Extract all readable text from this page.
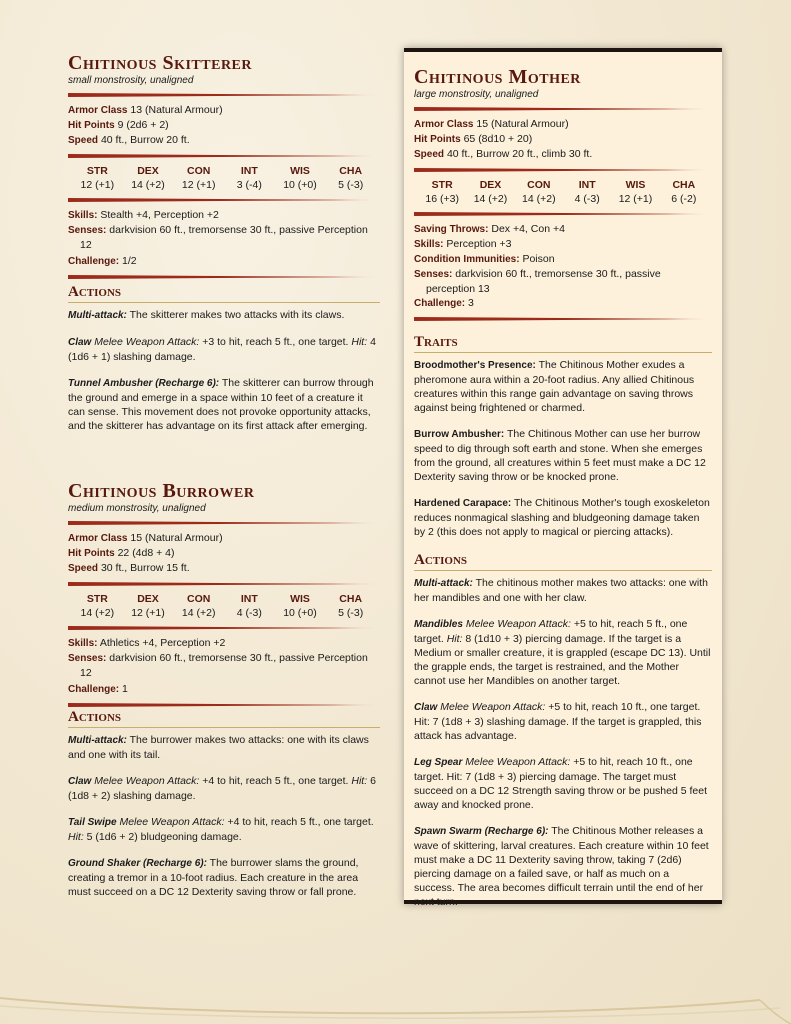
Chitinous Skitterer
small monstrosity, unaligned
Armor Class 13 (Natural Armour)
Hit Points 9 (2d6 + 2)
Speed 40 ft., Burrow 20 ft.
STR	DEX	CON	INT	WIS	CHA
12 (+1)	14 (+2)	12 (+1)	3 (-4)	10 (+0)	5 (-3)
Skills: Stealth +4, Perception +2
Senses: darkvision 60 ft., tremorsense 30 ft., passive Perception 12
Challenge: 1/2
Actions

Multi-attack: The skitterer makes two attacks with its claws.

Claw Melee Weapon Attack: +3 to hit, reach 5 ft., one target. Hit: 4 (1d6 + 1) slashing damage.

Tunnel Ambusher (Recharge 6): The skitterer can burrow through the ground and emerge in a space within 10 feet of a creature it can sense. This movement does not provoke opportunity attacks, and the skitterer has advantage on its first attack after emerging.

Chitinous Burrower
medium monstrosity, unaligned
Armor Class 15 (Natural Armour)
Hit Points 22 (4d8 + 4)
Speed 30 ft., Burrow 15 ft.
STR	DEX	CON	INT	WIS	CHA
14 (+2)	12 (+1)	14 (+2)	4 (-3)	10 (+0)	5 (-3)
Skills: Athletics +4, Perception +2
Senses: darkvision 60 ft., tremorsense 30 ft., passive Perception 12
Challenge: 1
Actions

Multi-attack: The burrower makes two attacks: one with its claws and one with its tail.

Claw Melee Weapon Attack: +4 to hit, reach 5 ft., one target. Hit: 6 (1d8 + 2) slashing damage.

Tail Swipe Melee Weapon Attack: +4 to hit, reach 5 ft., one target. Hit: 5 (1d6 + 2) bludgeoning damage.

Ground Shaker (Recharge 6): The burrower slams the ground, creating a tremor in a 10-foot radius. Each creature in the area must succeed on a DC 12 Dexterity saving throw or fall prone.

Chitinous Mother
large monstrosity, unaligned
Armor Class 15 (Natural Armour)
Hit Points 65 (8d10 + 20)
Speed 40 ft., Burrow 20 ft., climb 30 ft.
STR	DEX	CON	INT	WIS	CHA
16 (+3)	14 (+2)	14 (+2)	4 (-3)	12 (+1)	6 (-2)
Saving Throws: Dex +4, Con +4
Skills: Perception +3
Condition Immunities: Poison
Senses: darkvision 60 ft., tremorsense 30 ft., passive perception 13
Challenge: 3
Traits

Broodmother's Presence: The Chitinous Mother exudes a pheromone aura within a 20-foot radius. Any allied Chitinous creatures within this range gain advantage on saving throws against being frightened or charmed.

Burrow Ambusher: The Chitinous Mother can use her burrow speed to dig through soft earth and stone. When she emerges from the ground, all creatures within 5 feet must make a DC 12 Dexterity saving throw or be knocked prone.

Hardened Carapace: The Chitinous Mother's tough exoskeleton reduces nonmagical slashing and bludgeoning damage taken by 2 (this does not apply to magical or piercing attacks).

Actions

Multi-attack: The chitinous mother makes two attacks: one with her mandibles and one with her claw.

Mandibles Melee Weapon Attack: +5 to hit, reach 5 ft., one target. Hit: 8 (1d10 + 3) piercing damage. If the target is a Medium or smaller creature, it is grappled (escape DC 13). Until the grapple ends, the target is restrained, and the Mother cannot use her Mandibles on another target.

Claw Melee Weapon Attack: +5 to hit, reach 10 ft., one target. Hit: 7 (1d8 + 3) slashing damage. If the target is grappled, this attack has advantage.

Leg Spear Melee Weapon Attack: +5 to hit, reach 10 ft., one target. Hit: 7 (1d8 + 3) piercing damage. The target must succeed on a DC 12 Strength saving throw or be pushed 5 feet away and knocked prone.

Spawn Swarm (Recharge 6): The Chitinous Mother releases a wave of skittering, larval creatures. Each creature within 10 feet must make a DC 11 Dexterity saving throw, taking 7 (2d6) piercing damage on a failed save, or half as much on a success. The area becomes difficult terrain until the end of her next turn.
